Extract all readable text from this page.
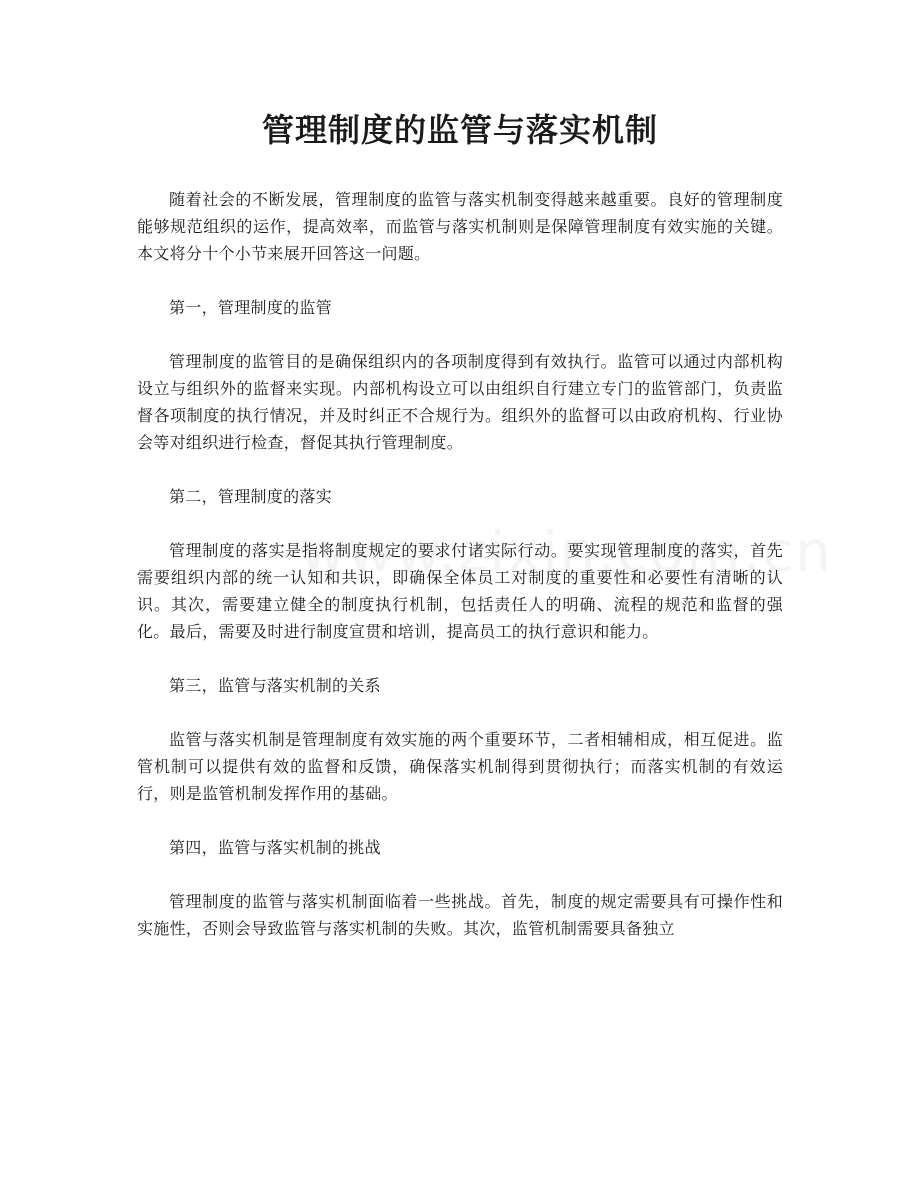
管理制度的监管与落实机制

随着社会的不断发展，管理制度的监管与落实机制变得越来越重要。良好的管理制度能够规范组织的运作，提高效率，而监管与落实机制则是保障管理制度有效实施的关键。本文将分十个小节来展开回答这一问题。

第一，管理制度的监管

管理制度的监管目的是确保组织内的各项制度得到有效执行。监管可以通过内部机构设立与组织外的监督来实现。内部机构设立可以由组织自行建立专门的监管部门，负责监督各项制度的执行情况，并及时纠正不合规行为。组织外的监督可以由政府机构、行业协会等对组织进行检查，督促其执行管理制度。

第二，管理制度的落实

管理制度的落实是指将制度规定的要求付诸实际行动。要实现管理制度的落实，首先需要组织内部的统一认知和共识，即确保全体员工对制度的重要性和必要性有清晰的认识。其次，需要建立健全的制度执行机制，包括责任人的明确、流程的规范和监督的强化。最后，需要及时进行制度宣贯和培训，提高员工的执行意识和能力。

第三，监管与落实机制的关系

监管与落实机制是管理制度有效实施的两个重要环节，二者相辅相成，相互促进。监管机制可以提供有效的监督和反馈，确保落实机制得到贯彻执行；而落实机制的有效运行，则是监管机制发挥作用的基础。

第四，监管与落实机制的挑战

管理制度的监管与落实机制面临着一些挑战。首先，制度的规定需要具有可操作性和实施性，否则会导致监管与落实机制的失败。其次，监管机制需要具备独立
